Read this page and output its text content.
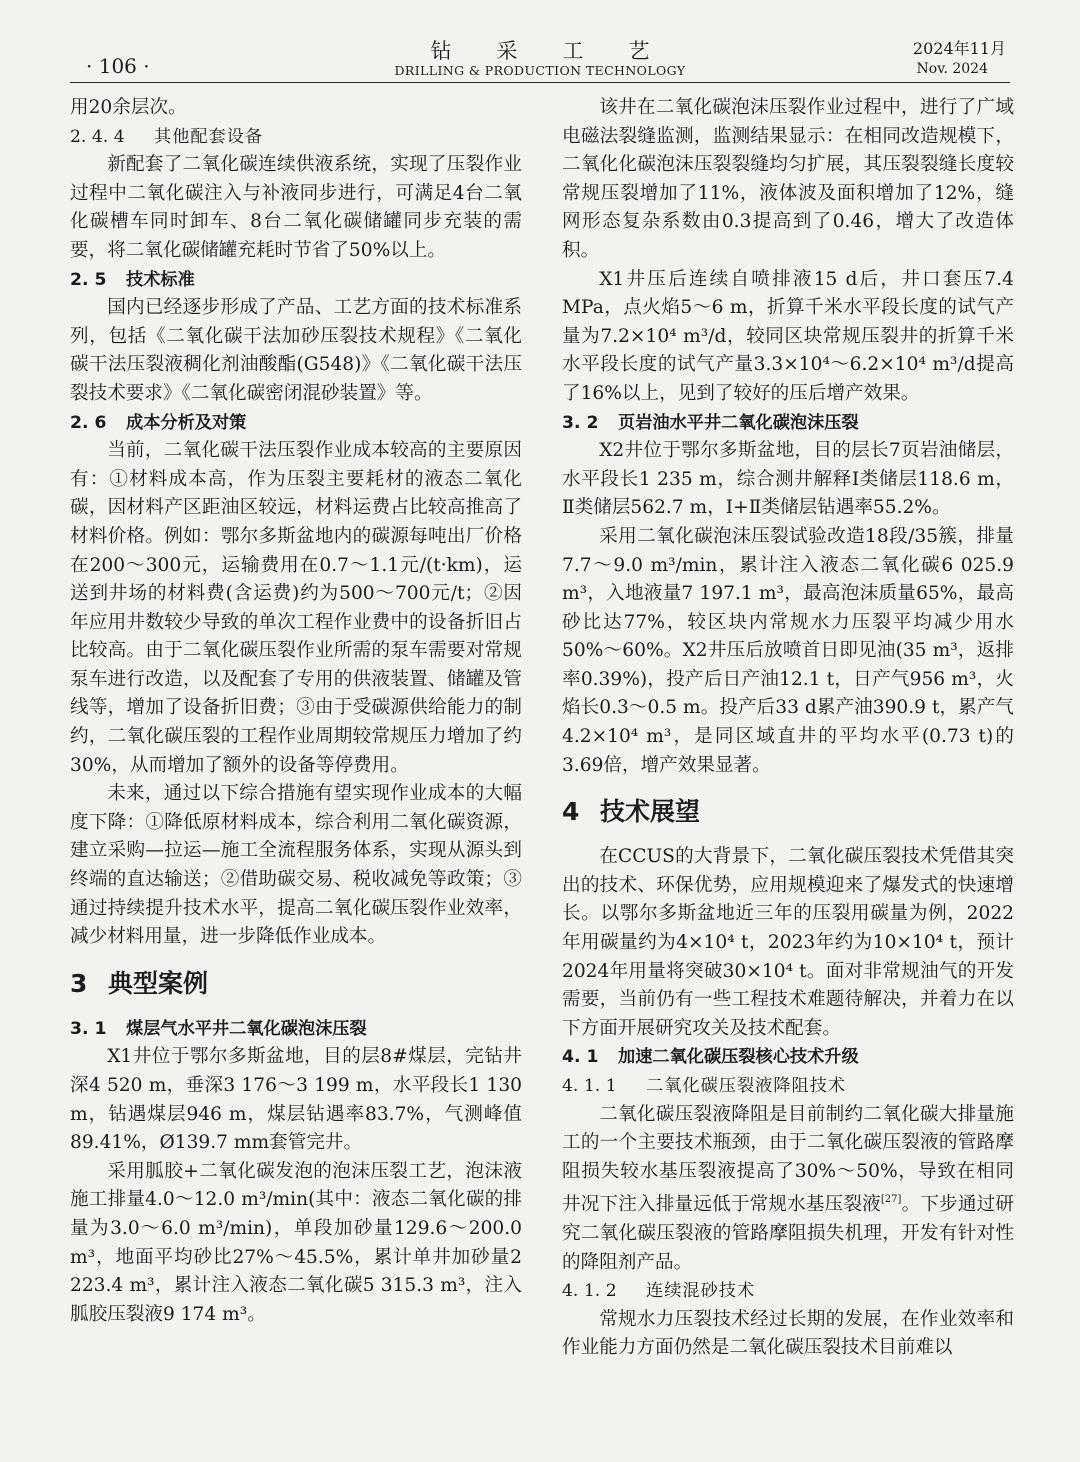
· 106 ·
钻采工艺
DRILLING & PRODUCTION TECHNOLOGY
2024年11月
Nov. 2024

用20余层次。

2. 4. 4 其他配套设备

新配套了二氧化碳连续供液系统，实现了压裂作业过程中二氧化碳注入与补液同步进行，可满足4台二氧化碳槽车同时卸车、8台二氧化碳储罐同步充装的需要，将二氧化碳储罐充耗时节省了50%以上。

2. 5 技术标准

国内已经逐步形成了产品、工艺方面的技术标准系列，包括《二氧化碳干法加砂压裂技术规程》《二氧化碳干法压裂液稠化剂油酸酯(G548)》《二氧化碳干法压裂技术要求》《二氧化碳密闭混砂装置》等。

2. 6 成本分析及对策

当前，二氧化碳干法压裂作业成本较高的主要原因有：①材料成本高，作为压裂主要耗材的液态二氧化碳，因材料产区距油区较远，材料运费占比较高推高了材料价格。例如：鄂尔多斯盆地内的碳源每吨出厂价格在200～300元，运输费用在0.7～1.1元/(t·km)，运送到井场的材料费(含运费)约为500～700元/t；②因年应用井数较少导致的单次工程作业费中的设备折旧占比较高。由于二氧化碳压裂作业所需的泵车需要对常规泵车进行改造，以及配套了专用的供液装置、储罐及管线等，增加了设备折旧费；③由于受碳源供给能力的制约，二氧化碳压裂的工程作业周期较常规压力增加了约30%，从而增加了额外的设备等停费用。

未来，通过以下综合措施有望实现作业成本的大幅度下降：①降低原材料成本，综合利用二氧化碳资源，建立采购—拉运—施工全流程服务体系，实现从源头到终端的直达输送；②借助碳交易、税收减免等政策；③通过持续提升技术水平，提高二氧化碳压裂作业效率，减少材料用量，进一步降低作业成本。

3 典型案例

3. 1 煤层气水平井二氧化碳泡沫压裂

X1井位于鄂尔多斯盆地，目的层8#煤层，完钻井深4 520 m，垂深3 176～3 199 m，水平段长1 130 m，钻遇煤层946 m，煤层钻遇率83.7%，气测峰值89.41%，Ø139.7 mm套管完井。

采用胍胶+二氧化碳发泡的泡沫压裂工艺，泡沫液施工排量4.0～12.0 m³/min(其中：液态二氧化碳的排量为3.0～6.0 m³/min)，单段加砂量129.6～200.0 m³，地面平均砂比27%～45.5%，累计单井加砂量2 223.4 m³，累计注入液态二氧化碳5 315.3 m³，注入胍胶压裂液9 174 m³。

该井在二氧化碳泡沫压裂作业过程中，进行了广域电磁法裂缝监测，监测结果显示：在相同改造规模下，二氧化化碳泡沫压裂裂缝均匀扩展，其压裂裂缝长度较常规压裂增加了11%，液体波及面积增加了12%，缝网形态复杂系数由0.3提高到了0.46，增大了改造体积。

X1井压后连续自喷排液15 d后，井口套压7.4 MPa，点火焰5～6 m，折算千米水平段长度的试气产量为7.2×10⁴ m³/d，较同区块常规压裂井的折算千米水平段长度的试气产量3.3×10⁴～6.2×10⁴ m³/d提高了16%以上，见到了较好的压后增产效果。

3. 2 页岩油水平井二氧化碳泡沫压裂

X2井位于鄂尔多斯盆地，目的层长7页岩油储层，水平段长1 235 m，综合测井解释Ⅰ类储层118.6 m，Ⅱ类储层562.7 m，Ⅰ+Ⅱ类储层钻遇率55.2%。

采用二氧化碳泡沫压裂试验改造18段/35簇，排量7.7～9.0 m³/min，累计注入液态二氧化碳6 025.9 m³，入地液量7 197.1 m³，最高泡沫质量65%，最高砂比达77%，较区块内常规水力压裂平均减少用水50%～60%。X2井压后放喷首日即见油(35 m³，返排率0.39%)，投产后日产油12.1 t，日产气956 m³，火焰长0.3～0.5 m。投产后33 d累产油390.9 t，累产气4.2×10⁴ m³，是同区域直井的平均水平(0.73 t)的3.69倍，增产效果显著。

4 技术展望

在CCUS的大背景下，二氧化碳压裂技术凭借其突出的技术、环保优势，应用规模迎来了爆发式的快速增长。以鄂尔多斯盆地近三年的压裂用碳量为例，2022年用碳量约为4×10⁴ t，2023年约为10×10⁴ t，预计2024年用量将突破30×10⁴ t。面对非常规油气的开发需要，当前仍有一些工程技术难题待解决，并着力在以下方面开展研究攻关及技术配套。

4. 1 加速二氧化碳压裂核心技术升级

4. 1. 1 二氧化碳压裂液降阻技术

二氧化碳压裂液降阻是目前制约二氧化碳大排量施工的一个主要技术瓶颈，由于二氧化碳压裂液的管路摩阻损失较水基压裂液提高了30%～50%，导致在相同井况下注入排量远低于常规水基压裂液[27]。下步通过研究二氧化碳压裂液的管路摩阻损失机理，开发有针对性的降阻剂产品。

4. 1. 2 连续混砂技术

常规水力压裂技术经过长期的发展，在作业效率和作业能力方面仍然是二氧化碳压裂技术目前难以
